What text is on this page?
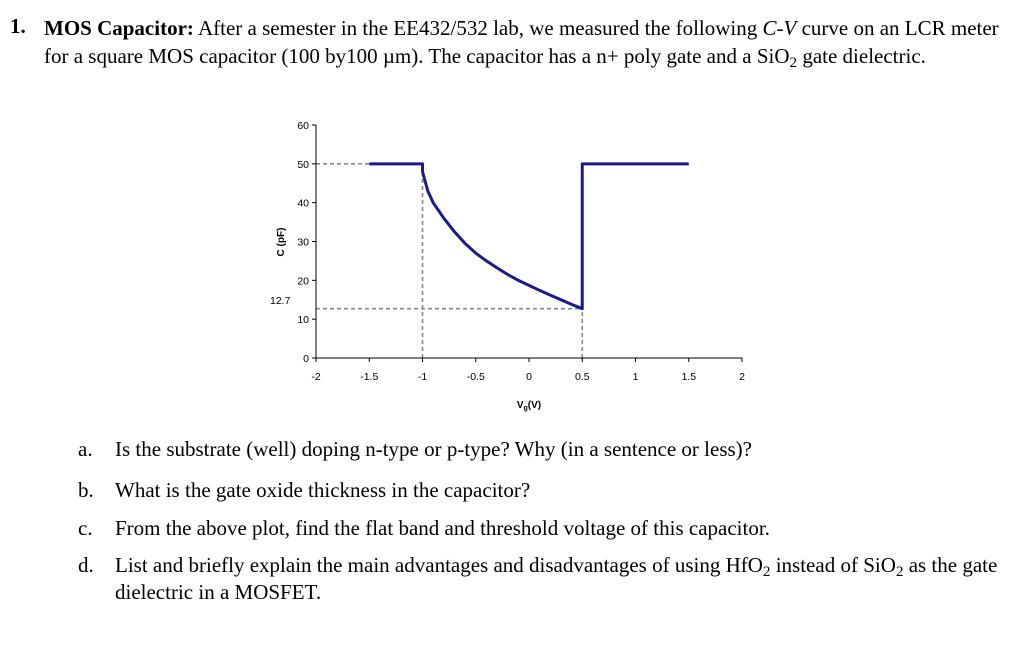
1. MOS Capacitor: After a semester in the EE432/532 lab, we measured the following C-V curve on an LCR meter for a square MOS capacitor (100 by100 µm). The capacitor has a n+ poly gate and a SiO$_2$ gate dielectric.
0
10
20
30
40
50
60
-2	-1.5	-1	-0.5	0	0.5	1	1.5	2
C (pF)
12.7
$V_g(V)$
a. Is the substrate (well) doping n-type or p-type? Why (in a sentence or less)?
b. What is the gate oxide thickness in the capacitor?
c. From the above plot, find the flat band and threshold voltage of this capacitor.
d. List and briefly explain the main advantages and disadvantages of using HfO$_2$ instead of SiO$_2$ as the gate dielectric in a MOSFET.
